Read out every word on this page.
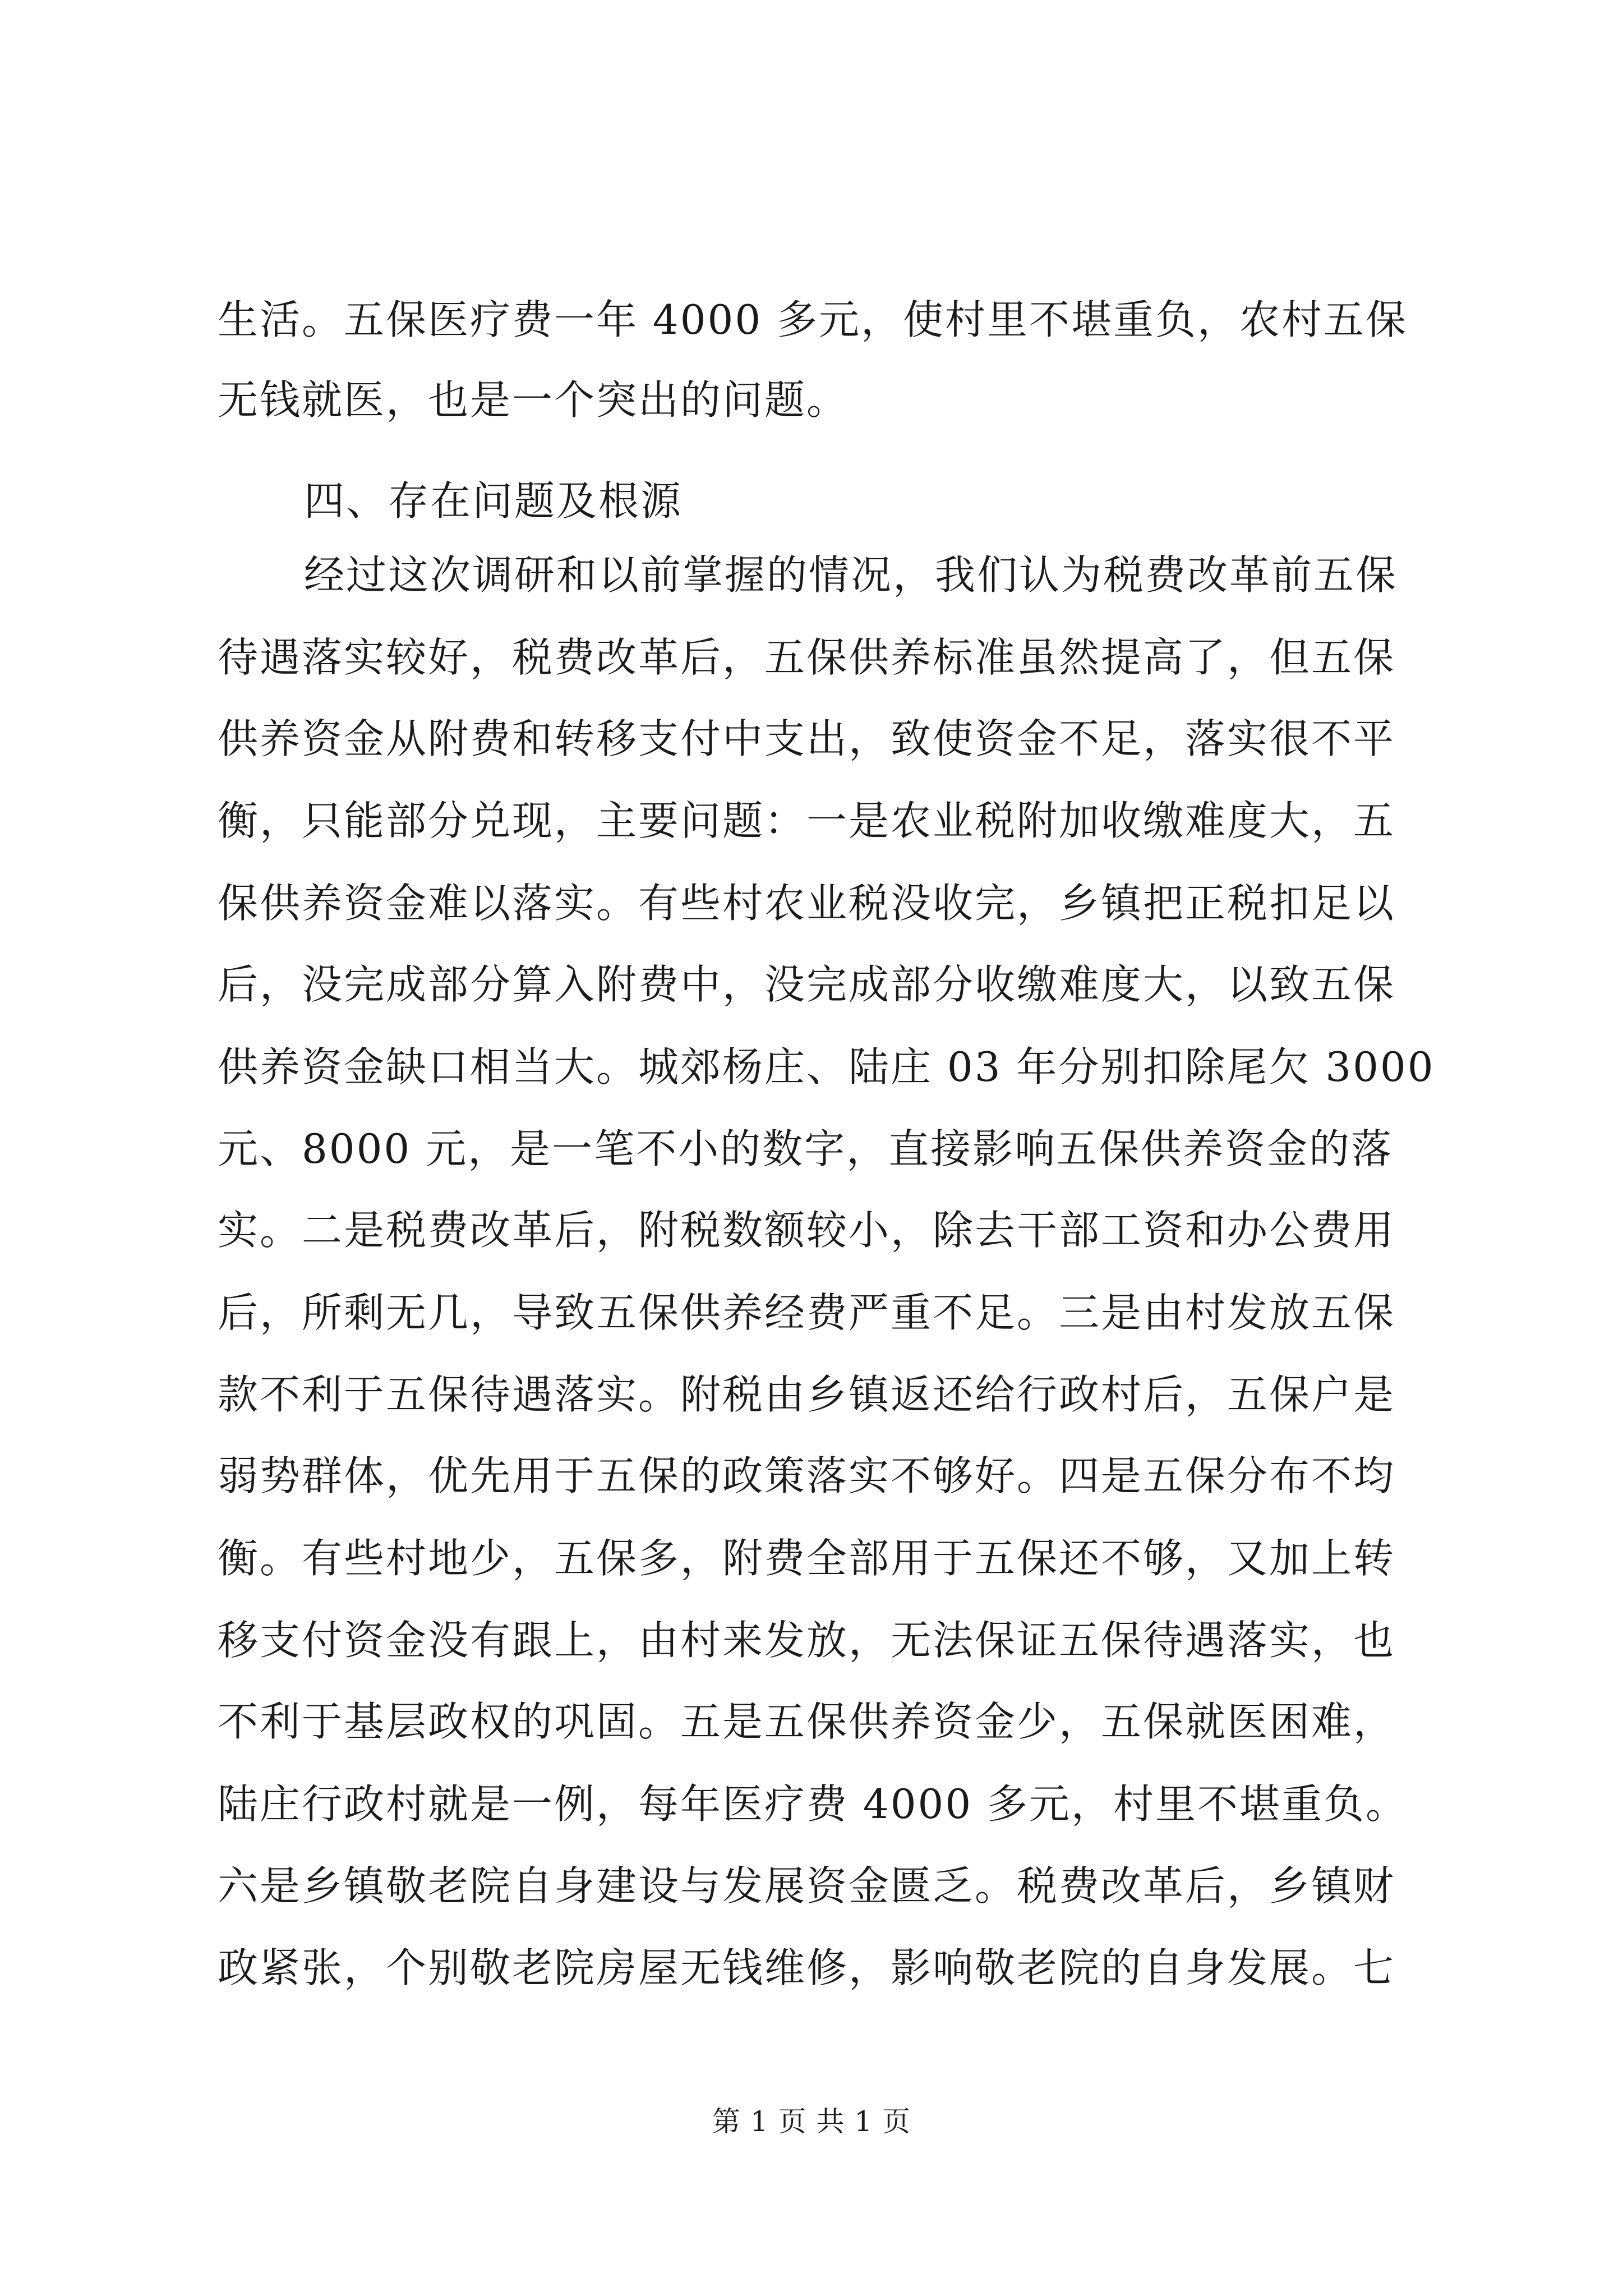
生活。五保医疗费一年 4000 多元，使村里不堪重负，农村五保
无钱就医，也是一个突出的问题。
四、存在问题及根源
经过这次调研和以前掌握的情况，我们认为税费改革前五保
待遇落实较好，税费改革后，五保供养标准虽然提高了，但五保
供养资金从附费和转移支付中支出，致使资金不足，落实很不平
衡，只能部分兑现，主要问题：一是农业税附加收缴难度大，五
保供养资金难以落实。有些村农业税没收完，乡镇把正税扣足以
后，没完成部分算入附费中，没完成部分收缴难度大，以致五保
供养资金缺口相当大。城郊杨庄、陆庄 03 年分别扣除尾欠 3000
元、8000 元，是一笔不小的数字，直接影响五保供养资金的落
实。二是税费改革后，附税数额较小，除去干部工资和办公费用
后，所剩无几，导致五保供养经费严重不足。三是由村发放五保
款不利于五保待遇落实。附税由乡镇返还给行政村后，五保户是
弱势群体，优先用于五保的政策落实不够好。四是五保分布不均
衡。有些村地少，五保多，附费全部用于五保还不够，又加上转
移支付资金没有跟上，由村来发放，无法保证五保待遇落实，也
不利于基层政权的巩固。五是五保供养资金少，五保就医困难，
陆庄行政村就是一例，每年医疗费 4000 多元，村里不堪重负。
六是乡镇敬老院自身建设与发展资金匮乏。税费改革后，乡镇财
政紧张，个别敬老院房屋无钱维修，影响敬老院的自身发展。七
第 1 页 共 1 页
